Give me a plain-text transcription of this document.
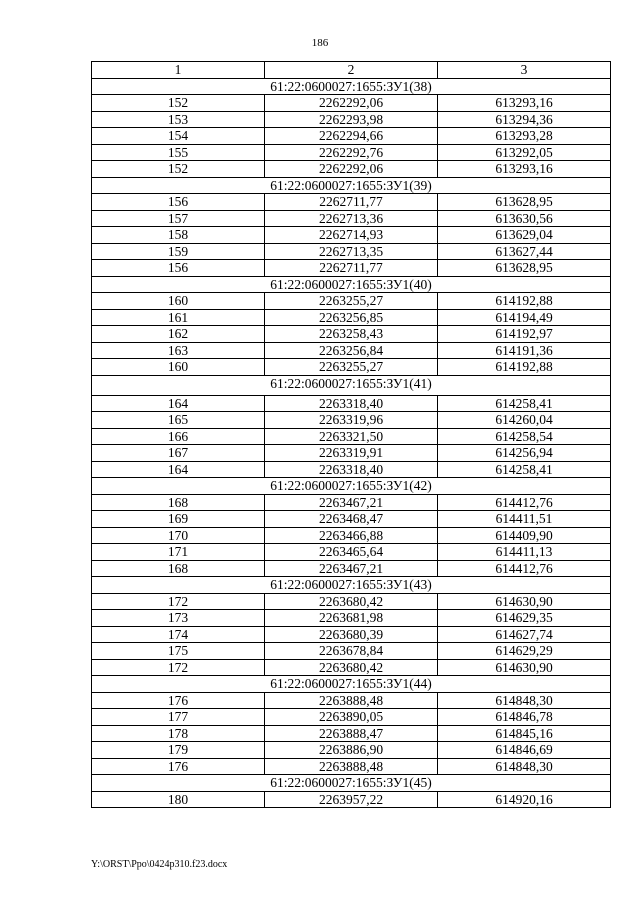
186
1	2	3
61:22:0600027:1655:ЗУ1(38)		
152	2262292,06	613293,16
153	2262293,98	613294,36
154	2262294,66	613293,28
155	2262292,76	613292,05
152	2262292,06	613293,16
61:22:0600027:1655:ЗУ1(39)		
156	2262711,77	613628,95
157	2262713,36	613630,56
158	2262714,93	613629,04
159	2262713,35	613627,44
156	2262711,77	613628,95
61:22:0600027:1655:ЗУ1(40)		
160	2263255,27	614192,88
161	2263256,85	614194,49
162	2263258,43	614192,97
163	2263256,84	614191,36
160	2263255,27	614192,88
61:22:0600027:1655:ЗУ1(41)		
164	2263318,40	614258,41
165	2263319,96	614260,04
166	2263321,50	614258,54
167	2263319,91	614256,94
164	2263318,40	614258,41
61:22:0600027:1655:ЗУ1(42)		
168	2263467,21	614412,76
169	2263468,47	614411,51
170	2263466,88	614409,90
171	2263465,64	614411,13
168	2263467,21	614412,76
61:22:0600027:1655:ЗУ1(43)		
172	2263680,42	614630,90
173	2263681,98	614629,35
174	2263680,39	614627,74
175	2263678,84	614629,29
172	2263680,42	614630,90
61:22:0600027:1655:ЗУ1(44)		
176	2263888,48	614848,30
177	2263890,05	614846,78
178	2263888,47	614845,16
179	2263886,90	614846,69
176	2263888,48	614848,30
61:22:0600027:1655:ЗУ1(45)		
180	2263957,22	614920,16
Y:\ORST\Ppo\0424p310.f23.docx
